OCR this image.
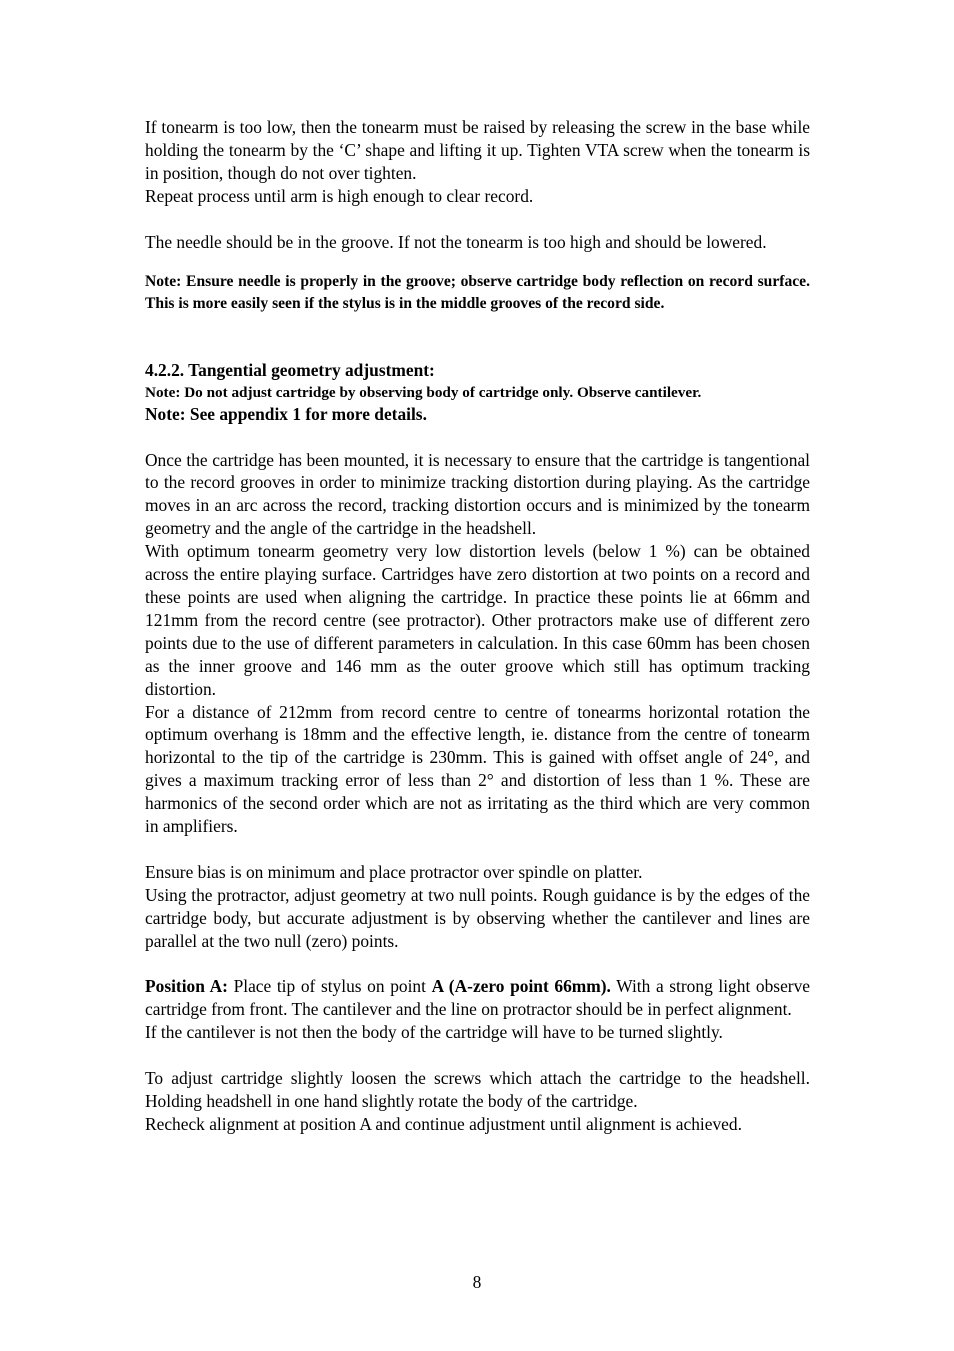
If tonearm is too low, then the tonearm must be raised by releasing the screw in the base while holding the tonearm by the ‘C’ shape and lifting it up. Tighten VTA screw when the tonearm is in position, though do not over tighten.

Repeat process until arm is high enough to clear record.

The needle should be in the groove. If not the tonearm is too high and should be lowered.

Note: Ensure needle is properly in the groove; observe cartridge body reflection on record surface. This is more easily seen if the stylus is in the middle grooves of the record side.

4.2.2. Tangential geometry adjustment:

Note: Do not adjust cartridge by observing body of cartridge only. Observe cantilever.

Note: See appendix 1 for more details.

Once the cartridge has been mounted, it is necessary to ensure that the cartridge is tangentional to the record grooves in order to minimize tracking distortion during playing. As the cartridge moves in an arc across the record, tracking distortion occurs and is minimized by the tonearm geometry and the angle of the cartridge in the headshell.

With optimum tonearm geometry very low distortion levels (below 1 %) can be obtained across the entire playing surface. Cartridges have zero distortion at two points on a record and these points are used when aligning the cartridge. In practice these points lie at 66mm and 121mm from the record centre (see protractor). Other protractors make use of different zero points due to the use of different parameters in calculation. In this case 60mm has been chosen as the inner groove and 146 mm as the outer groove which still has optimum tracking distortion.

For a distance of 212mm from record centre to centre of tonearms horizontal rotation the optimum overhang is 18mm and the effective length, ie. distance from the centre of tonearm horizontal to the tip of the cartridge is 230mm. This is gained with offset angle of 24°, and gives a maximum tracking error of less than 2° and distortion of less than 1 %. These are harmonics of the second order which are not as irritating as the third which are very common in amplifiers.

Ensure bias is on minimum and place protractor over spindle on platter.

Using the protractor, adjust geometry at two null points. Rough guidance is by the edges of the cartridge body, but accurate adjustment is by observing whether the cantilever and lines are parallel at the two null (zero) points.

Position A: Place tip of stylus on point A (A-zero point 66mm). With a strong light observe cartridge from front. The cantilever and the line on protractor should be in perfect alignment.

If the cantilever is not then the body of the cartridge will have to be turned slightly.

To adjust cartridge slightly loosen the screws which attach the cartridge to the headshell. Holding headshell in one hand slightly rotate the body of the cartridge.

Recheck alignment at position A and continue adjustment until alignment is achieved.

8
